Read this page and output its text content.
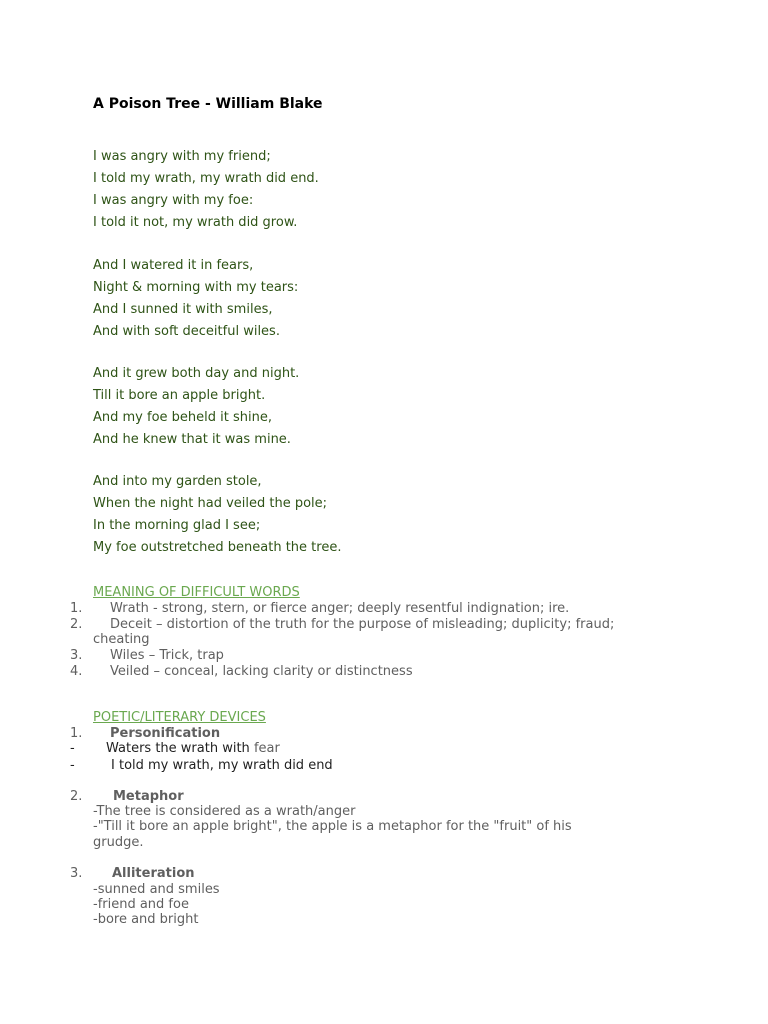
A Poison Tree - William Blake
I was angry with my friend;
I told my wrath, my wrath did end.
I was angry with my foe:
I told it not, my wrath did grow.
And I watered it in fears,
Night & morning with my tears:
And I sunned it with smiles,
And with soft deceitful wiles.
And it grew both day and night.
Till it bore an apple bright.
And my foe beheld it shine,
And he knew that it was mine.
And into my garden stole,
When the night had veiled the pole;
In the morning glad I see;
My foe outstretched beneath the tree.
MEANING OF DIFFICULT WORDS
1. Wrath - strong, stern, or fierce anger; deeply resentful indignation; ire.
2. Deceit – distortion of the truth for the purpose of misleading; duplicity; fraud;
cheating
3. Wiles – Trick, trap
4. Veiled – conceal, lacking clarity or distinctness
POETIC/LITERARY DEVICES
1. Personification
- Waters the wrath with fear
-	I told my wrath, my wrath did end
2. Metaphor
-The tree is considered as a wrath/anger
-"Till it bore an apple bright", the apple is a metaphor for the "fruit" of his
grudge.
3. Alliteration
-sunned and smiles
-friend and foe
-bore and bright
